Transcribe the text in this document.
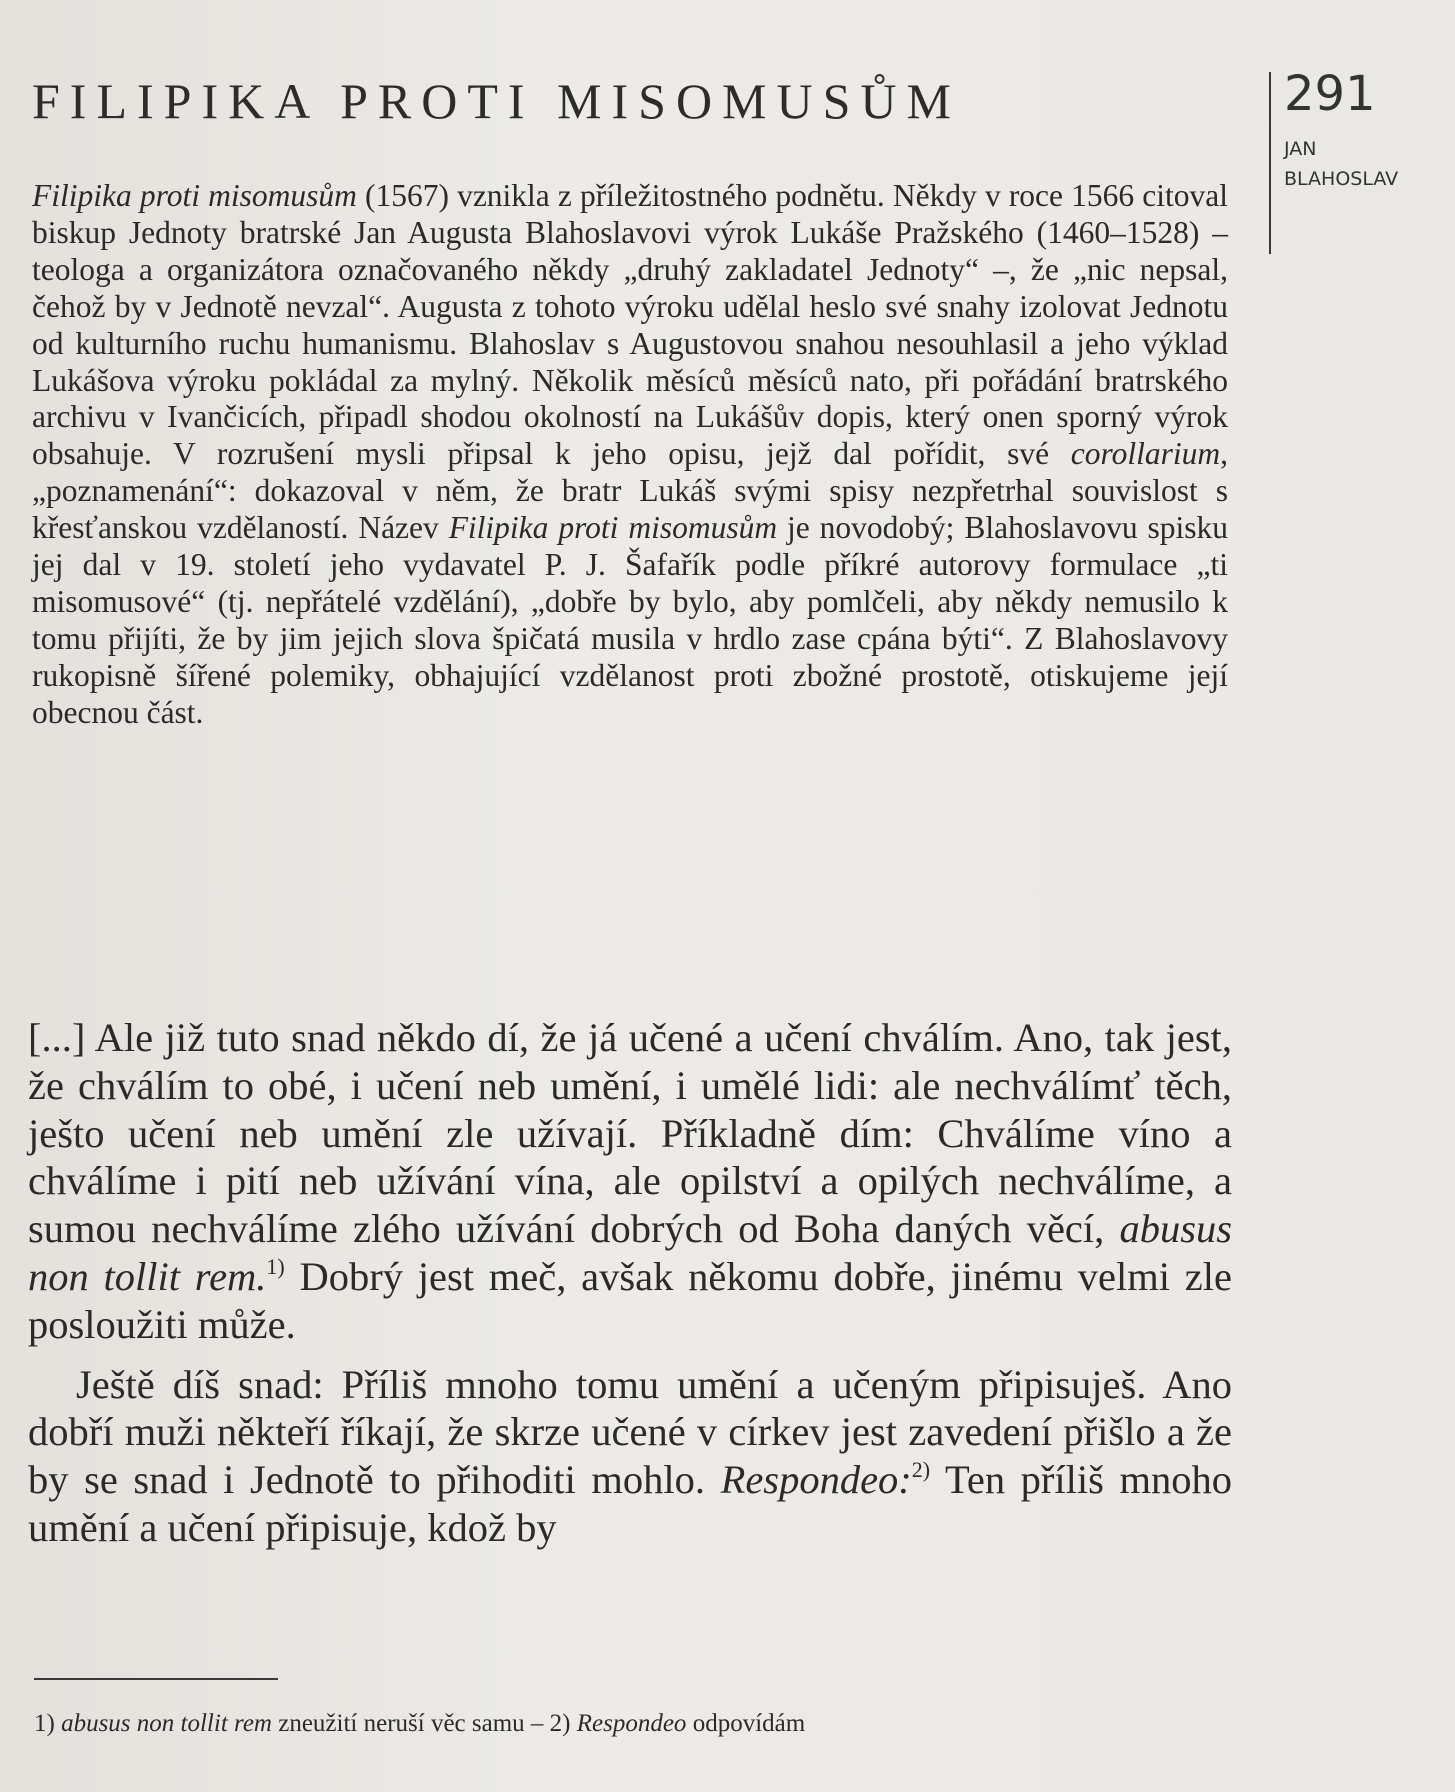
FILIPIKA PROTI MISOMUSŮM	291
JAN
BLAHOSLAV

Filipika proti misomusům (1567) vznikla z příležitostného podnětu. Někdy v roce 1566 citoval biskup Jednoty bratrské Jan Augusta Blahoslavovi výrok Lukáše Pražského (1460–1528) – teologa a organizátora označovaného někdy „druhý zakladatel Jednoty“ –, že „nic nepsal, čehož by v Jednotě nevzal“. Augusta z tohoto výroku udělal heslo své snahy izolovat Jednotu od kulturního ruchu humanismu. Blahoslav s Augustovou snahou nesouhlasil a jeho výklad Lukášova výroku pokládal za mylný. Několik měsíců měsíců nato, při pořádání bratrského archivu v Ivančicích, připadl shodou okolností na Lukášův dopis, který onen sporný výrok obsahuje. V rozrušení mysli připsal k jeho opisu, jejž dal pořídit, své corollarium, „poznamenání“: dokazoval v něm, že bratr Lukáš svými spisy nezpřetrhal souvislost s křesťanskou vzdělaností. Název Filipika proti misomusům je novodobý; Blahoslavovu spisku jej dal v 19. století jeho vydavatel P. J. Šafařík podle příkré autorovy formulace „ti misomusové“ (tj. nepřátelé vzdělání), „dobře by bylo, aby pomlčeli, aby někdy nemusilo k tomu přijíti, že by jim jejich slova špičatá musila v hrdlo zase cpána býti“. Z Blahoslavovy rukopisně šířené polemiky, obhajující vzdělanost proti zbožné prostotě, otiskujeme její obecnou část.

[...] Ale již tuto snad někdo dí, že já učené a učení chválím. Ano, tak jest, že chválím to obé, i učení neb umění, i umělé lidi: ale nechválímť těch, ješto učení neb umění zle užívají. Příkladně dím: Chválíme víno a chválíme i pití neb užívání vína, ale opilství a opilých nechválíme, a sumou nechválíme zlého užívání dobrých od Boha daných věcí, abusus non tollit rem.$^{1)}$ Dobrý jest meč, avšak někomu dobře, jinému velmi zle posloužiti může.

Ještě díš snad: Příliš mnoho tomu umění a učeným připisuješ. Ano dobří muži někteří říkají, že skrze učené v církev jest zavedení přišlo a že by se snad i Jednotě to přihoditi mohlo. Respondeo:$^{2)}$ Ten příliš mnoho umění a učení připisuje, kdož by

1) abusus non tollit rem zneužití neruší věc samu – 2) Respondeo odpovídám
